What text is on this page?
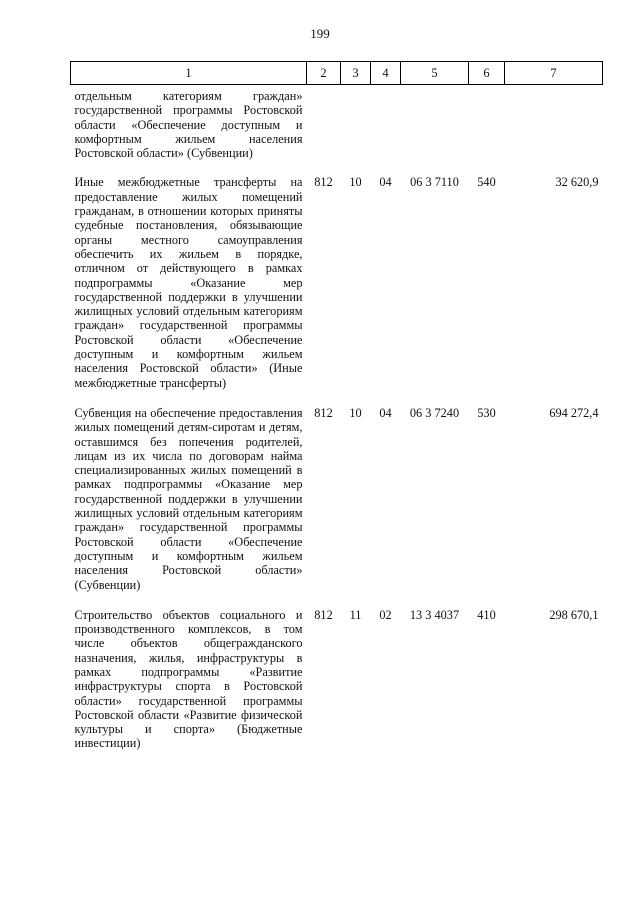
199
1	2	3	4	5	6	7
отдельным категориям граждан» государственной программы Ростовской области «Обеспечение доступным и комфортным жильем населения Ростовской области» (Субвенции)						
Иные межбюджетные трансферты на предоставление жилых помещений гражданам, в отношении которых приняты судебные постановления, обязывающие органы местного самоуправления обеспечить их жильем в порядке, отличном от действующего в рамках подпрограммы «Оказание мер государственной поддержки в улучшении жилищных условий отдельным категориям граждан» государственной программы Ростовской области «Обеспечение доступным и комфортным жильем населения Ростовской области» (Иные межбюджетные трансферты)	812	10	04	06 3 7110	540	32 620,9
Субвенция на обеспечение предоставления жилых помещений детям-сиротам и детям, оставшимся без попечения родителей, лицам из их числа по договорам найма специализированных жилых помещений в рамках подпрограммы «Оказание мер государственной поддержки в улучшении жилищных условий отдельным категориям граждан» государственной программы Ростовской области «Обеспечение доступным и комфортным жильем населения Ростовской области» (Субвенции)	812	10	04	06 3 7240	530	694 272,4
Строительство объектов социального и производственного комплексов, в том числе объектов общегражданского назначения, жилья, инфраструктуры в рамках подпрограммы «Развитие инфраструктуры спорта в Ростовской области» государственной программы Ростовской области «Развитие физической культуры и спорта» (Бюджетные инвестиции)	812	11	02	13 3 4037	410	298 670,1
